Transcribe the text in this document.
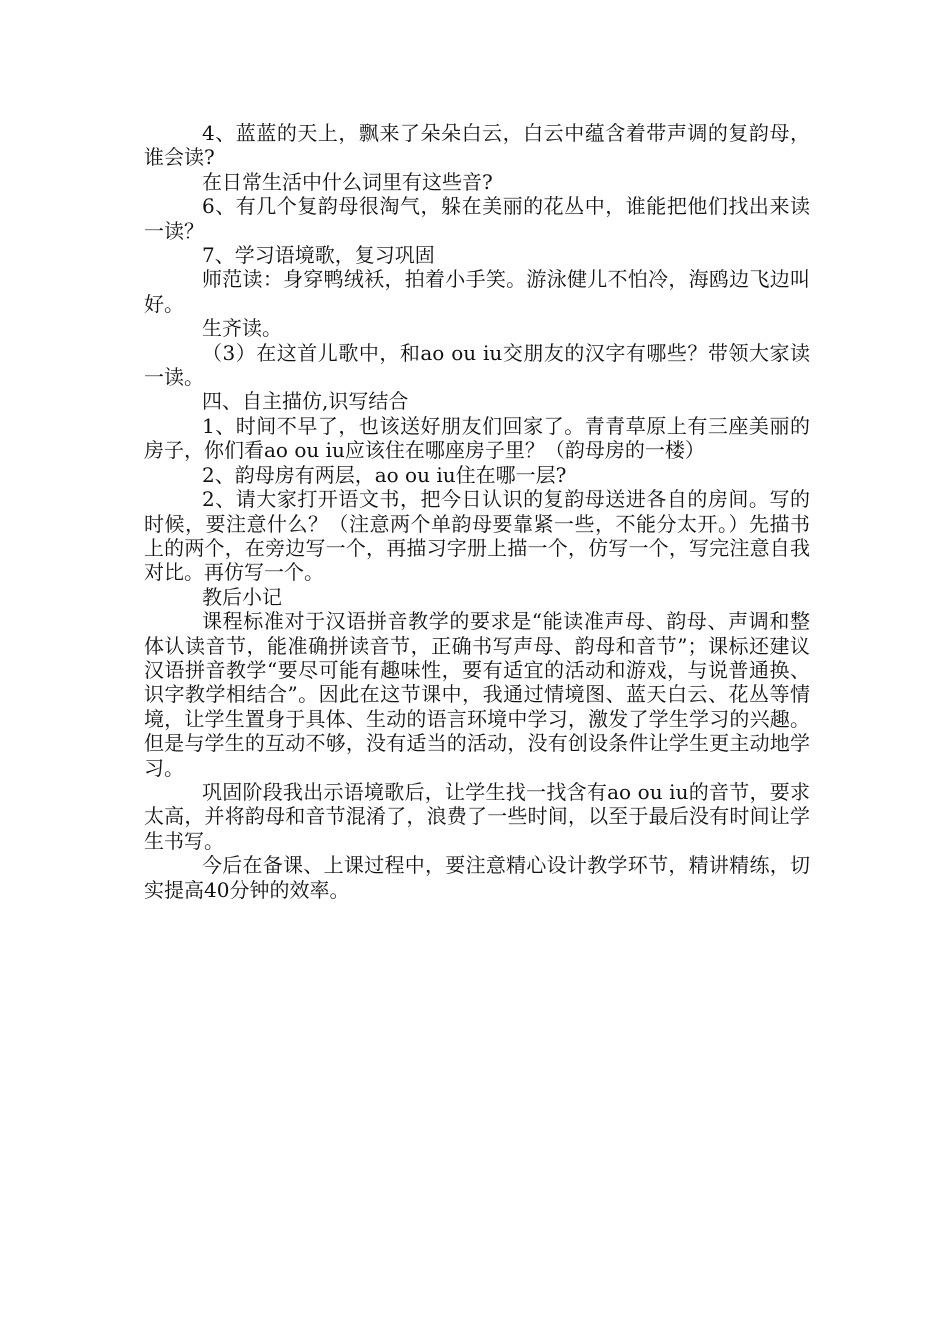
4、蓝蓝的天上，飘来了朵朵白云，白云中蕴含着带声调的复韵母，谁会读?

在日常生活中什么词里有这些音?

6、有几个复韵母很淘气，躲在美丽的花丛中，谁能把他们找出来读一读？

7、学习语境歌，复习巩固

师范读：身穿鸭绒袄，拍着小手笑。游泳健儿不怕冷，海鸥边飞边叫好。

生齐读。

（3）在这首儿歌中，和ao ou iu交朋友的汉字有哪些？带领大家读一读。

四、自主描仿,识写结合

1、时间不早了，也该送好朋友们回家了。青青草原上有三座美丽的房子，你们看ao ou iu应该住在哪座房子里？（韵母房的一楼）

2、韵母房有两层，ao ou iu住在哪一层?

2、请大家打开语文书，把今日认识的复韵母送进各自的房间。写的时候，要注意什么？（注意两个单韵母要靠紧一些，不能分太开。）先描书上的两个，在旁边写一个，再描习字册上描一个，仿写一个，写完注意自我对比。再仿写一个。

教后小记

课程标准对于汉语拼音教学的要求是“能读准声母、韵母、声调和整体认读音节，能准确拼读音节，正确书写声母、韵母和音节”；课标还建议汉语拼音教学“要尽可能有趣味性，要有适宜的活动和游戏，与说普通换、识字教学相结合”。因此在这节课中，我通过情境图、蓝天白云、花丛等情境，让学生置身于具体、生动的语言环境中学习，激发了学生学习的兴趣。但是与学生的互动不够，没有适当的活动，没有创设条件让学生更主动地学习。

巩固阶段我出示语境歌后，让学生找一找含有ao ou iu的音节，要求太高，并将韵母和音节混淆了，浪费了一些时间，以至于最后没有时间让学生书写。

今后在备课、上课过程中，要注意精心设计教学环节，精讲精练，切实提高40分钟的效率。
